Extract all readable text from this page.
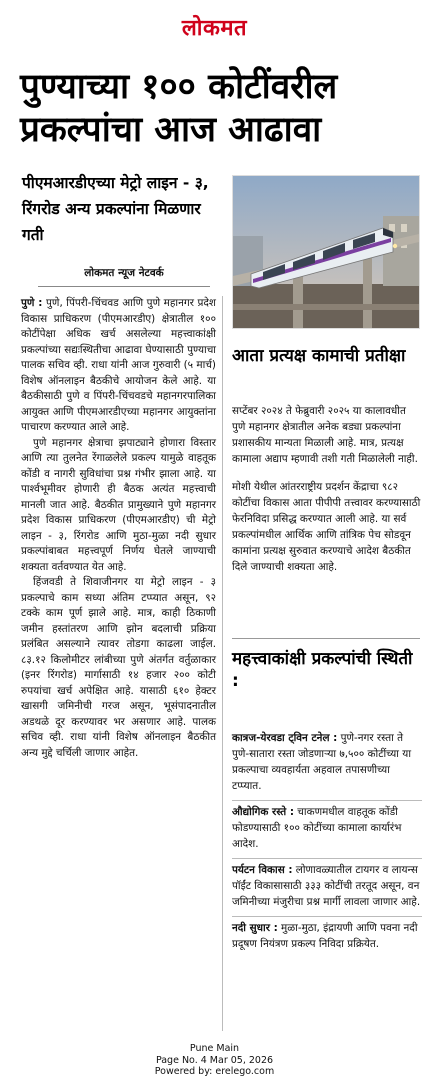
लोकमत
पुण्याच्या १०० कोटींवरील प्रकल्पांचा आज आढावा
पीएमआरडीएच्या मेट्रो लाइन - ३, रिंगरोड अन्य प्रकल्पांना मिळणार गती
लोकमत न्यूज नेटवर्क

पुणे : पुणे, पिंपरी-चिंचवड आणि पुणे महानगर प्रदेश विकास प्राधिकरण (पीएमआरडीए) क्षेत्रातील १०० कोटींपेक्षा अधिक खर्च असलेल्या महत्त्वाकांक्षी प्रकल्पांच्या सद्यःस्थितीचा आढावा घेण्यासाठी पुण्याचा पालक सचिव व्ही. राधा यांनी आज गुरुवारी (५ मार्च) विशेष ऑनलाइन बैठकीचे आयोजन केले आहे. या बैठकीसाठी पुणे व पिंपरी-चिंचवडचे महानगरपालिका आयुक्त आणि पीएमआरडीएच्या महानगर आयुक्तांना पाचारण करण्यात आले आहे.

पुणे महानगर क्षेत्राचा झपाट्याने होणारा विस्तार आणि त्या तुलनेत रेंगाळलेले प्रकल्प यामुळे वाहतूक कोंडी व नागरी सुविधांचा प्रश्न गंभीर झाला आहे. या पार्श्वभूमीवर होणारी ही बैठक अत्यंत महत्त्वाची मानली जात आहे. बैठकीत प्रामुख्याने पुणे महानगर प्रदेश विकास प्राधिकरण (पीएमआरडीए) ची मेट्रो लाइन - ३, रिंगरोड आणि मुठा-मुळा नदी सुधार प्रकल्पांबाबत महत्त्वपूर्ण निर्णय घेतले जाण्याची शक्यता वर्तवण्यात येत आहे.

हिंजवडी ते शिवाजीनगर या मेट्रो लाइन - ३ प्रकल्पाचे काम सध्या अंतिम टप्प्यात असून, ९२ टक्के काम पूर्ण झाले आहे. मात्र, काही ठिकाणी जमीन हस्तांतरण आणि झोन बदलाची प्रक्रिया प्रलंबित असल्याने त्यावर तोडगा काढला जाईल. ८३.१२ किलोमीटर लांबीच्या पुणे अंतर्गत वर्तुळाकार (इनर रिंगरोड) मार्गासाठी १४ हजार २०० कोटी रुपयांचा खर्च अपेक्षित आहे. यासाठी ६१० हेक्टर खासगी जमिनीची गरज असून, भूसंपादनातील अडथळे दूर करण्यावर भर असणार आहे. पालक सचिव व्ही. राधा यांनी विशेष ऑनलाइन बैठकीत अन्य मुद्दे चर्चिली जाणार आहेत.

आता प्रत्यक्ष कामाची प्रतीक्षा

सप्टेंबर २०२४ ते फेब्रुवारी २०२५ या कालावधीत पुणे महानगर क्षेत्रातील अनेक बड्या प्रकल्पांना प्रशासकीय मान्यता मिळाली आहे. मात्र, प्रत्यक्ष कामाला अद्याप म्हणावी तशी गती मिळालेली नाही.

मोशी येथील आंतरराष्ट्रीय प्रदर्शन केंद्राचा ९८२ कोटींचा विकास आता पीपीपी तत्त्वावर करण्यासाठी फेरनिविदा प्रसिद्ध करण्यात आली आहे. या सर्व प्रकल्पांमधील आर्थिक आणि तांत्रिक पेच सोडवून कामांना प्रत्यक्ष सुरुवात करण्याचे आदेश बैठकीत दिले जाण्याची शक्यता आहे.

महत्त्वाकांक्षी प्रकल्पांची स्थिती :
कात्रज-येरवडा ट्विन टनेल : पुणे-नगर रस्ता ते पुणे-सातारा रस्ता जोडणाऱ्या ७,५०० कोटींच्या या प्रकल्पाचा व्यवहार्यता अहवाल तपासणीच्या टप्प्यात.
औद्योगिक रस्ते : चाकणमधील वाहतूक कोंडी फोडण्यासाठी १०० कोटींच्या कामाला कार्यारंभ आदेश.
पर्यटन विकास : लोणावळ्यातील टायगर व लायन्स पॉईंट विकासासाठी ३३३ कोटींची तरतूद असून, वन जमिनीच्या मंजुरीचा प्रश्न मार्गी लावला जाणार आहे.
नदी सुधार : मुळा-मुठा, इंद्रायणी आणि पवना नदी प्रदूषण नियंत्रण प्रकल्प निविदा प्रक्रियेत.
Pune Main
Page No. 4 Mar 05, 2026
Powered by: erelego.com
